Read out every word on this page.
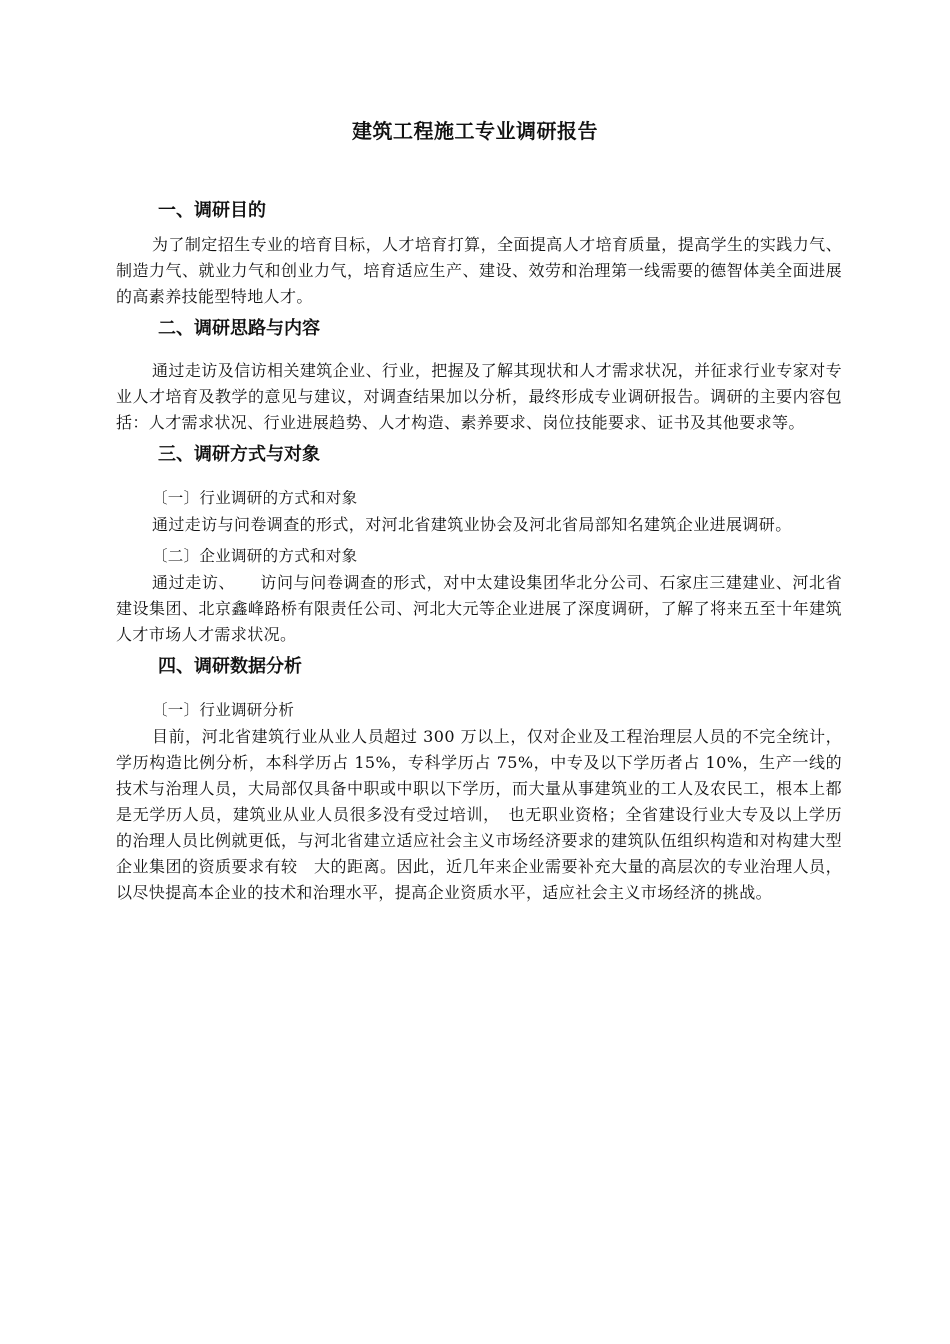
建筑工程施工专业调研报告
一、调研目的

为了制定招生专业的培育目标，人才培育打算，全面提高人才培育质量，提高学生的实践力气、制造力气、就业力气和创业力气，培育适应生产、建设、效劳和治理第一线需要的德智体美全面进展的高素养技能型特地人才。

二、调研思路与内容

通过走访及信访相关建筑企业、行业，把握及了解其现状和人才需求状况，并征求行业专家对专业人才培育及教学的意见与建议，对调查结果加以分析，最终形成专业调研报告。调研的主要内容包括：人才需求状况、行业进展趋势、人才构造、素养要求、岗位技能要求、证书及其他要求等。

三、调研方式与对象
〔一〕行业调研的方式和对象

通过走访与问卷调查的形式，对河北省建筑业协会及河北省局部知名建筑企业进展调研。

〔二〕企业调研的方式和对象

通过走访、　　访问与问卷调查的形式，对中太建设集团华北分公司、石家庄三建建业、河北省建设集团、北京鑫峰路桥有限责任公司、河北大元等企业进展了深度调研，了解了将来五至十年建筑人才市场人才需求状况。

四、调研数据分析
〔一〕行业调研分析

目前，河北省建筑行业从业人员超过 300 万以上，仅对企业及工程治理层人员的不完全统计，学历构造比例分析，本科学历占 15%，专科学历占 75%，中专及以下学历者占 10%，生产一线的技术与治理人员，大局部仅具备中职或中职以下学历，而大量从事建筑业的工人及农民工，根本上都是无学历人员，建筑业从业人员很多没有受过培训，　也无职业资格；全省建设行业大专及以上学历的治理人员比例就更低，与河北省建立适应社会主义市场经济要求的建筑队伍组织构造和对构建大型企业集团的资质要求有较　大的距离。因此，近几年来企业需要补充大量的高层次的专业治理人员，以尽快提高本企业的技术和治理水平，提高企业资质水平，适应社会主义市场经济的挑战。
